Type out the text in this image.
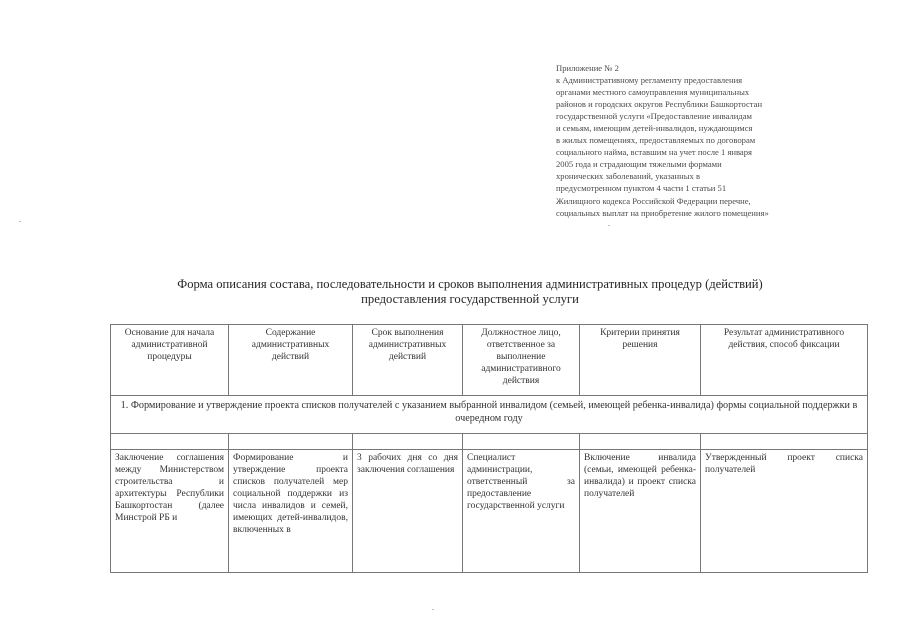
Приложение № 2
к Административному регламенту предоставления
органами местного самоуправления муниципальных
районов и городских округов Республики Башкортостан
государственной услуги «Предоставление инвалидам
и семьям, имеющим детей-инвалидов, нуждающимся
в жилых помещениях, предоставляемых по договорам
социального найма, вставшим на учет после 1 января
2005 года и страдающим тяжелыми формами
хронических заболеваний, указанных в
предусмотренном пунктом 4 части 1 статьи 51
Жилищного кодекса Российской Федерации перечне,
социальных выплат на приобретение жилого помещения»
Форма описания состава, последовательности и сроков выполнения административных процедур (действий)
предоставления государственной услуги
Основание для начала административной процедуры	Содержание административных действий	Срок выполнения административных действий	Должностное лицо, ответственное за выполнение административного действия	Критерии принятия решения	Результат административного действия, способ фиксации
1. Формирование и утверждение проекта списков получателей с указанием выбранной инвалидом (семьей, имеющей ребенка-инвалида) формы социальной поддержки в очередном году					

Заключение соглашения между Министерством строительства и архитектуры Республики Башкортостан (далее Минстрой РБ и	Формирование и утверждение проекта списков получателей мер социальной поддержки из числа инвалидов и семей, имеющих детей-инвалидов, включенных в	3 рабочих дня со дня заключения соглашения	Специалист администрации, ответственный за предоставление государственной услуги	Включение инвалида (семьи, имеющей ребенка-инвалида) и проект списка получателей	Утвержденный проект списка получателей
